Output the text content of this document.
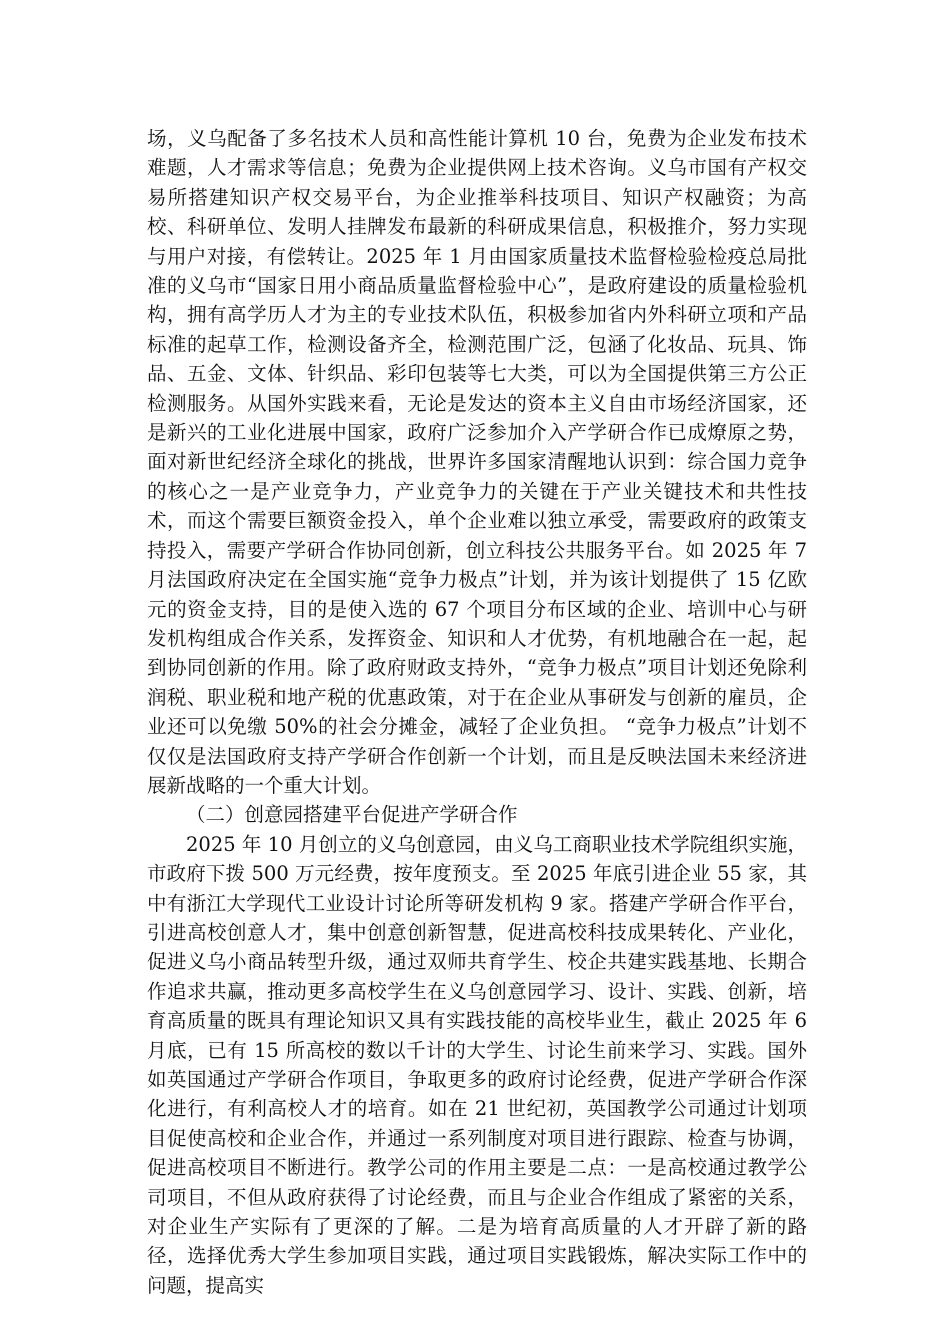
场，义乌配备了多名技术人员和高性能计算机 10 台，免费为企业发布技术难题，人才需求等信息；免费为企业提供网上技术咨询。义乌市国有产权交易所搭建知识产权交易平台，为企业推举科技项目、知识产权融资；为高校、科研单位、发明人挂牌发布最新的科研成果信息，积极推介，努力实现与用户对接，有偿转让。2025 年 1 月由国家质量技术监督检验检疫总局批准的义乌市“国家日用小商品质量监督检验中心”，是政府建设的质量检验机构，拥有高学历人才为主的专业技术队伍，积极参加省内外科研立项和产品标准的起草工作，检测设备齐全，检测范围广泛，包涵了化妆品、玩具、饰品、五金、文体、针织品、彩印包装等七大类，可以为全国提供第三方公正检测服务。从国外实践来看，无论是发达的资本主义自由市场经济国家，还是新兴的工业化进展中国家，政府广泛参加介入产学研合作已成燎原之势，面对新世纪经济全球化的挑战，世界许多国家清醒地认识到：综合国力竞争的核心之一是产业竞争力，产业竞争力的关键在于产业关键技术和共性技术，而这个需要巨额资金投入，单个企业难以独立承受，需要政府的政策支持投入，需要产学研合作协同创新，创立科技公共服务平台。如 2025 年 7 月法国政府决定在全国实施“竞争力极点”计划，并为该计划提供了 15 亿欧元的资金支持，目的是使入选的 67 个项目分布区域的企业、培训中心与研发机构组成合作关系，发挥资金、知识和人才优势，有机地融合在一起，起到协同创新的作用。除了政府财政支持外，“竞争力极点”项目计划还免除利润税、职业税和地产税的优惠政策，对于在企业从事研发与创新的雇员，企业还可以免缴 50%的社会分摊金，减轻了企业负担。 “竞争力极点”计划不仅仅是法国政府支持产学研合作创新一个计划，而且是反映法国未来经济进展新战略的一个重大计划。

（二）创意园搭建平台促进产学研合作

2025 年 10 月创立的义乌创意园，由义乌工商职业技术学院组织实施，市政府下拨 500 万元经费，按年度预支。至 2025 年底引进企业 55 家，其中有浙江大学现代工业设计讨论所等研发机构 9 家。搭建产学研合作平台，引进高校创意人才，集中创意创新智慧，促进高校科技成果转化、产业化，促进义乌小商品转型升级，通过双师共育学生、校企共建实践基地、长期合作追求共赢，推动更多高校学生在义乌创意园学习、设计、实践、创新，培育高质量的既具有理论知识又具有实践技能的高校毕业生，截止 2025 年 6 月底，已有 15 所高校的数以千计的大学生、讨论生前来学习、实践。国外如英国通过产学研合作项目，争取更多的政府讨论经费，促进产学研合作深化进行，有利高校人才的培育。如在 21 世纪初，英国教学公司通过计划项目促使高校和企业合作，并通过一系列制度对项目进行跟踪、检查与协调，促进高校项目不断进行。教学公司的作用主要是二点：一是高校通过教学公司项目，不但从政府获得了讨论经费，而且与企业合作组成了紧密的关系，对企业生产实际有了更深的了解。二是为培育高质量的人才开辟了新的路径，选择优秀大学生参加项目实践，通过项目实践锻炼，解决实际工作中的问题，提高实
